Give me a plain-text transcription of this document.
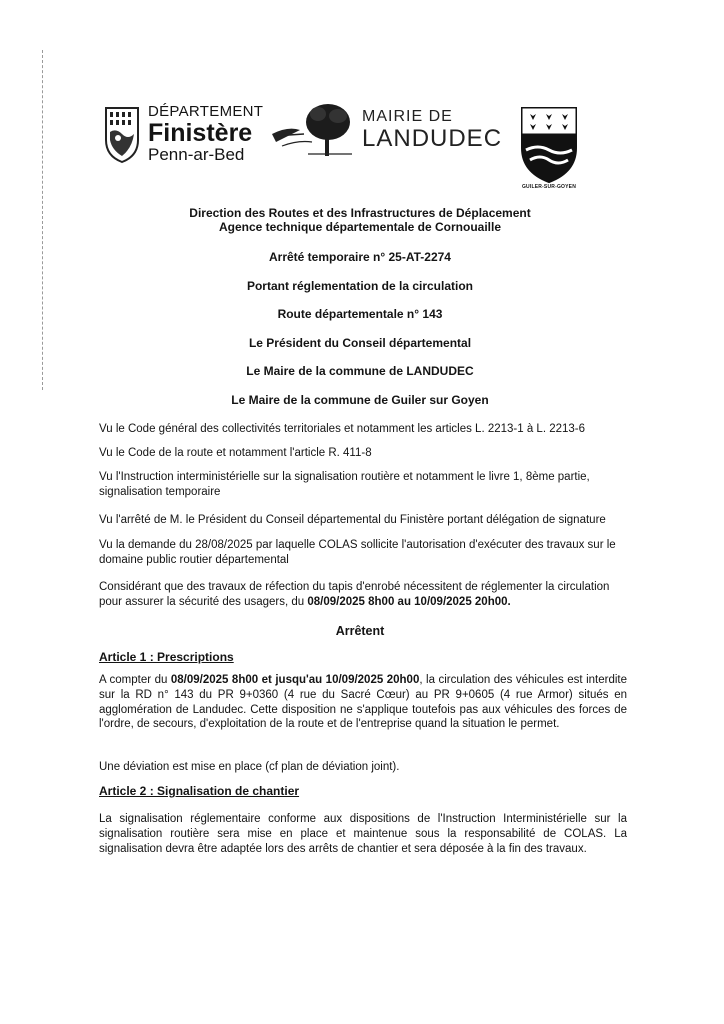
DÉPARTEMENT
Finistère
Penn-ar-Bed
MAIRIE DE
LANDUDEC
GUILER-SUR-GOYEN
Direction des Routes et des Infrastructures de Déplacement
Agence technique départementale de Cornouaille
Arrêté temporaire n° 25-AT-2274
Portant réglementation de la circulation
Route départementale n° 143
Le Président du Conseil départemental
Le Maire de la commune de LANDUDEC
Le Maire de la commune de Guiler sur Goyen
Vu le Code général des collectivités territoriales et notamment les articles L. 2213-1 à L. 2213-6
Vu le Code de la route et notamment l'article R. 411-8
Vu l'Instruction interministérielle sur la signalisation routière et notamment le livre 1, 8ème partie, signalisation temporaire
Vu l'arrêté de M. le Président du Conseil départemental du Finistère portant délégation de signature
Vu la demande du 28/08/2025 par laquelle COLAS sollicite l'autorisation d'exécuter des travaux sur le domaine public routier départemental
Considérant que des travaux de réfection du tapis d'enrobé nécessitent de réglementer la circulation pour assurer la sécurité des usagers, du 08/09/2025 8h00 au 10/09/2025 20h00.
Arrêtent
Article 1 : Prescriptions
A compter du 08/09/2025 8h00 et jusqu'au 10/09/2025 20h00, la circulation des véhicules est interdite sur la RD n° 143 du PR 9+0360 (4 rue du Sacré Cœur) au PR 9+0605 (4 rue Armor) situés en agglomération de Landudec. Cette disposition ne s'applique toutefois pas aux véhicules des forces de l'ordre, de secours, d'exploitation de la route et de l'entreprise quand la situation le permet.
Une déviation est mise en place (cf plan de déviation joint).
Article 2 : Signalisation de chantier
La signalisation réglementaire conforme aux dispositions de l'Instruction Interministérielle sur la signalisation routière sera mise en place et maintenue sous la responsabilité de COLAS. La signalisation devra être adaptée lors des arrêts de chantier et sera déposée à la fin des travaux.
